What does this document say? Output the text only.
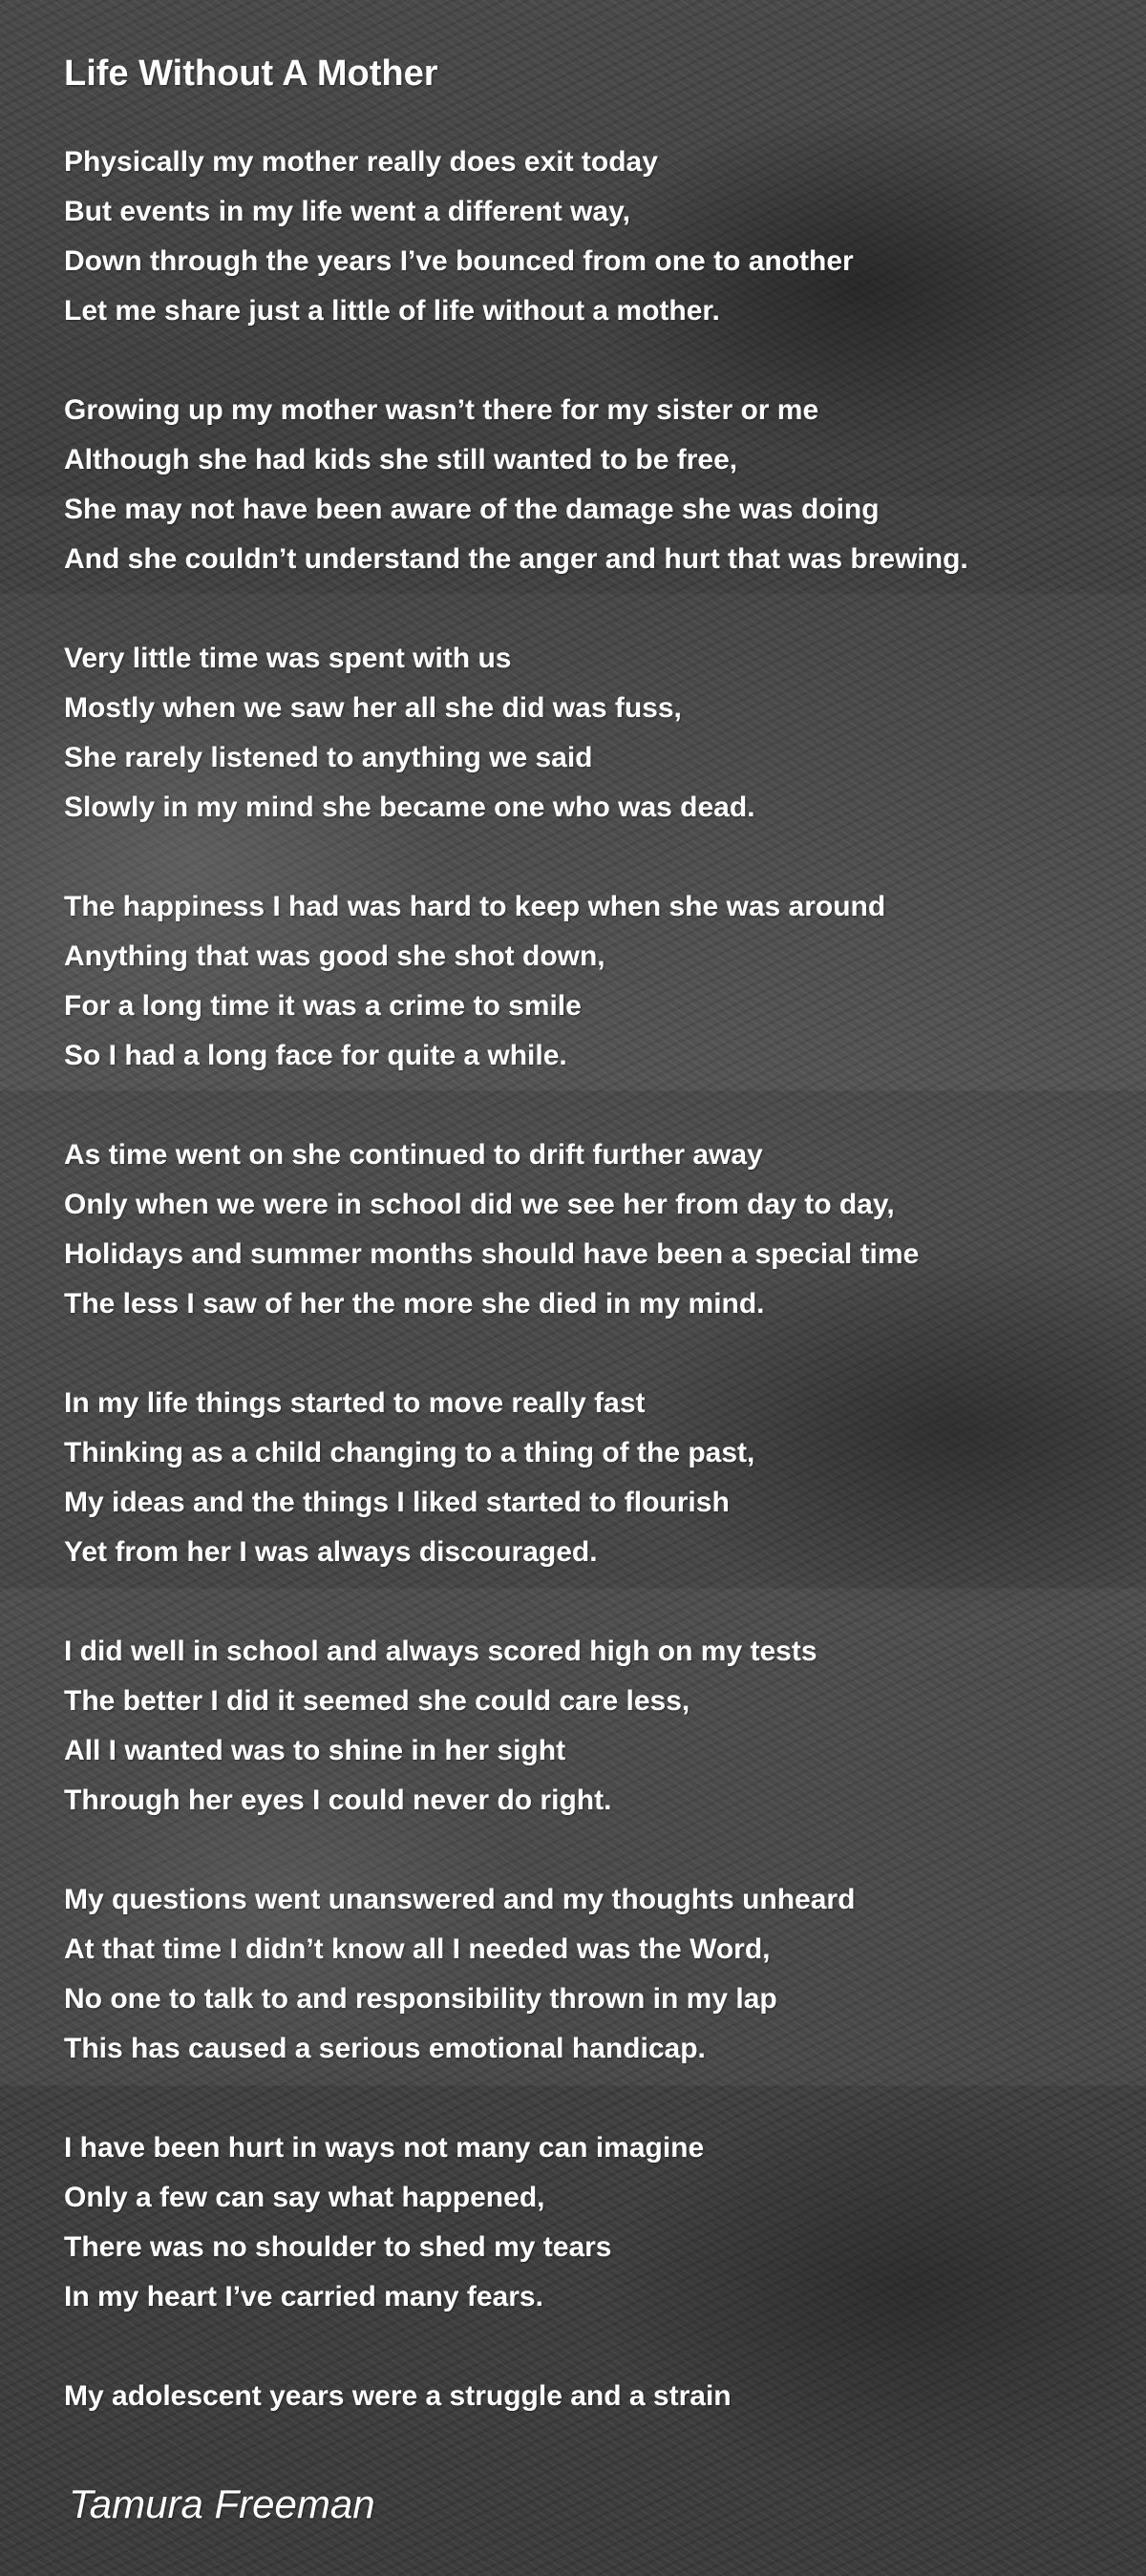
Life Without A Mother
Physically my mother really does exit today
But events in my life went a different way,
Down through the years I’ve bounced from one to another
Let me share just a little of life without a mother.
Growing up my mother wasn’t there for my sister or me
Although she had kids she still wanted to be free,
She may not have been aware of the damage she was doing
And she couldn’t understand the anger and hurt that was brewing.
Very little time was spent with us
Mostly when we saw her all she did was fuss,
She rarely listened to anything we said
Slowly in my mind she became one who was dead.
The happiness I had was hard to keep when she was around
Anything that was good she shot down,
For a long time it was a crime to smile
So I had a long face for quite a while.
As time went on she continued to drift further away
Only when we were in school did we see her from day to day,
Holidays and summer months should have been a special time
The less I saw of her the more she died in my mind.
In my life things started to move really fast
Thinking as a child changing to a thing of the past,
My ideas and the things I liked started to flourish
Yet from her I was always discouraged.
I did well in school and always scored high on my tests
The better I did it seemed she could care less,
All I wanted was to shine in her sight
Through her eyes I could never do right.
My questions went unanswered and my thoughts unheard
At that time I didn’t know all I needed was the Word,
No one to talk to and responsibility thrown in my lap
This has caused a serious emotional handicap.
I have been hurt in ways not many can imagine
Only a few can say what happened,
There was no shoulder to shed my tears
In my heart I’ve carried many fears.
My adolescent years were a struggle and a strain
Tamura Freeman
